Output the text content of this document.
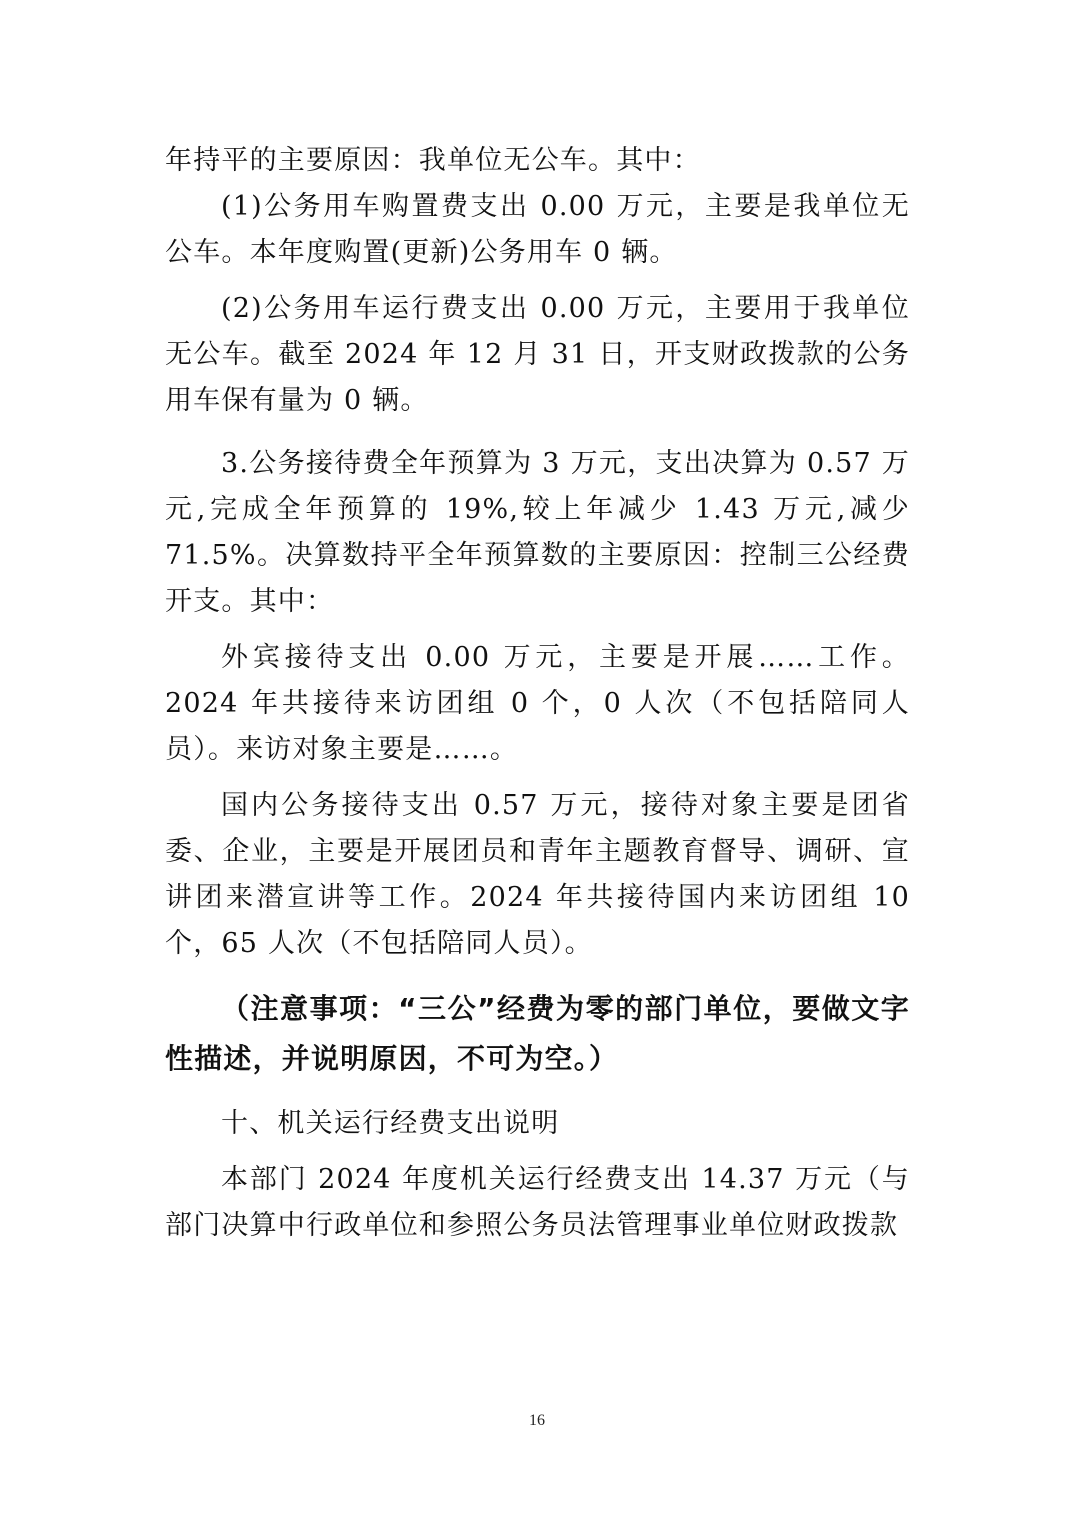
年持平的主要原因：我单位无公车。其中：

(1)公务用车购置费支出 0.00 万元，主要是我单位无公车。本年度购置(更新)公务用车 0 辆。

(2)公务用车运行费支出 0.00 万元，主要用于我单位无公车。截至 2024 年 12 月 31 日，开支财政拨款的公务用车保有量为 0 辆。

3.公务接待费全年预算为 3 万元，支出决算为 0.57 万元,完成全年预算的 19%,较上年减少 1.43 万元,减少 71.5%。决算数持平全年预算数的主要原因：控制三公经费开支。其中：

外宾接待支出 0.00 万元，主要是开展……工作。2024 年共接待来访团组 0 个，0 人次（不包括陪同人员）。来访对象主要是……。

国内公务接待支出 0.57 万元，接待对象主要是团省委、企业，主要是开展团员和青年主题教育督导、调研、宣讲团来潜宣讲等工作。2024 年共接待国内来访团组 10 个，65 人次（不包括陪同人员）。

（注意事项：“三公”经费为零的部门单位，要做文字性描述，并说明原因，不可为空。）

十、机关运行经费支出说明

本部门 2024 年度机关运行经费支出 14.37 万元（与部门决算中行政单位和参照公务员法管理事业单位财政拨款

16
